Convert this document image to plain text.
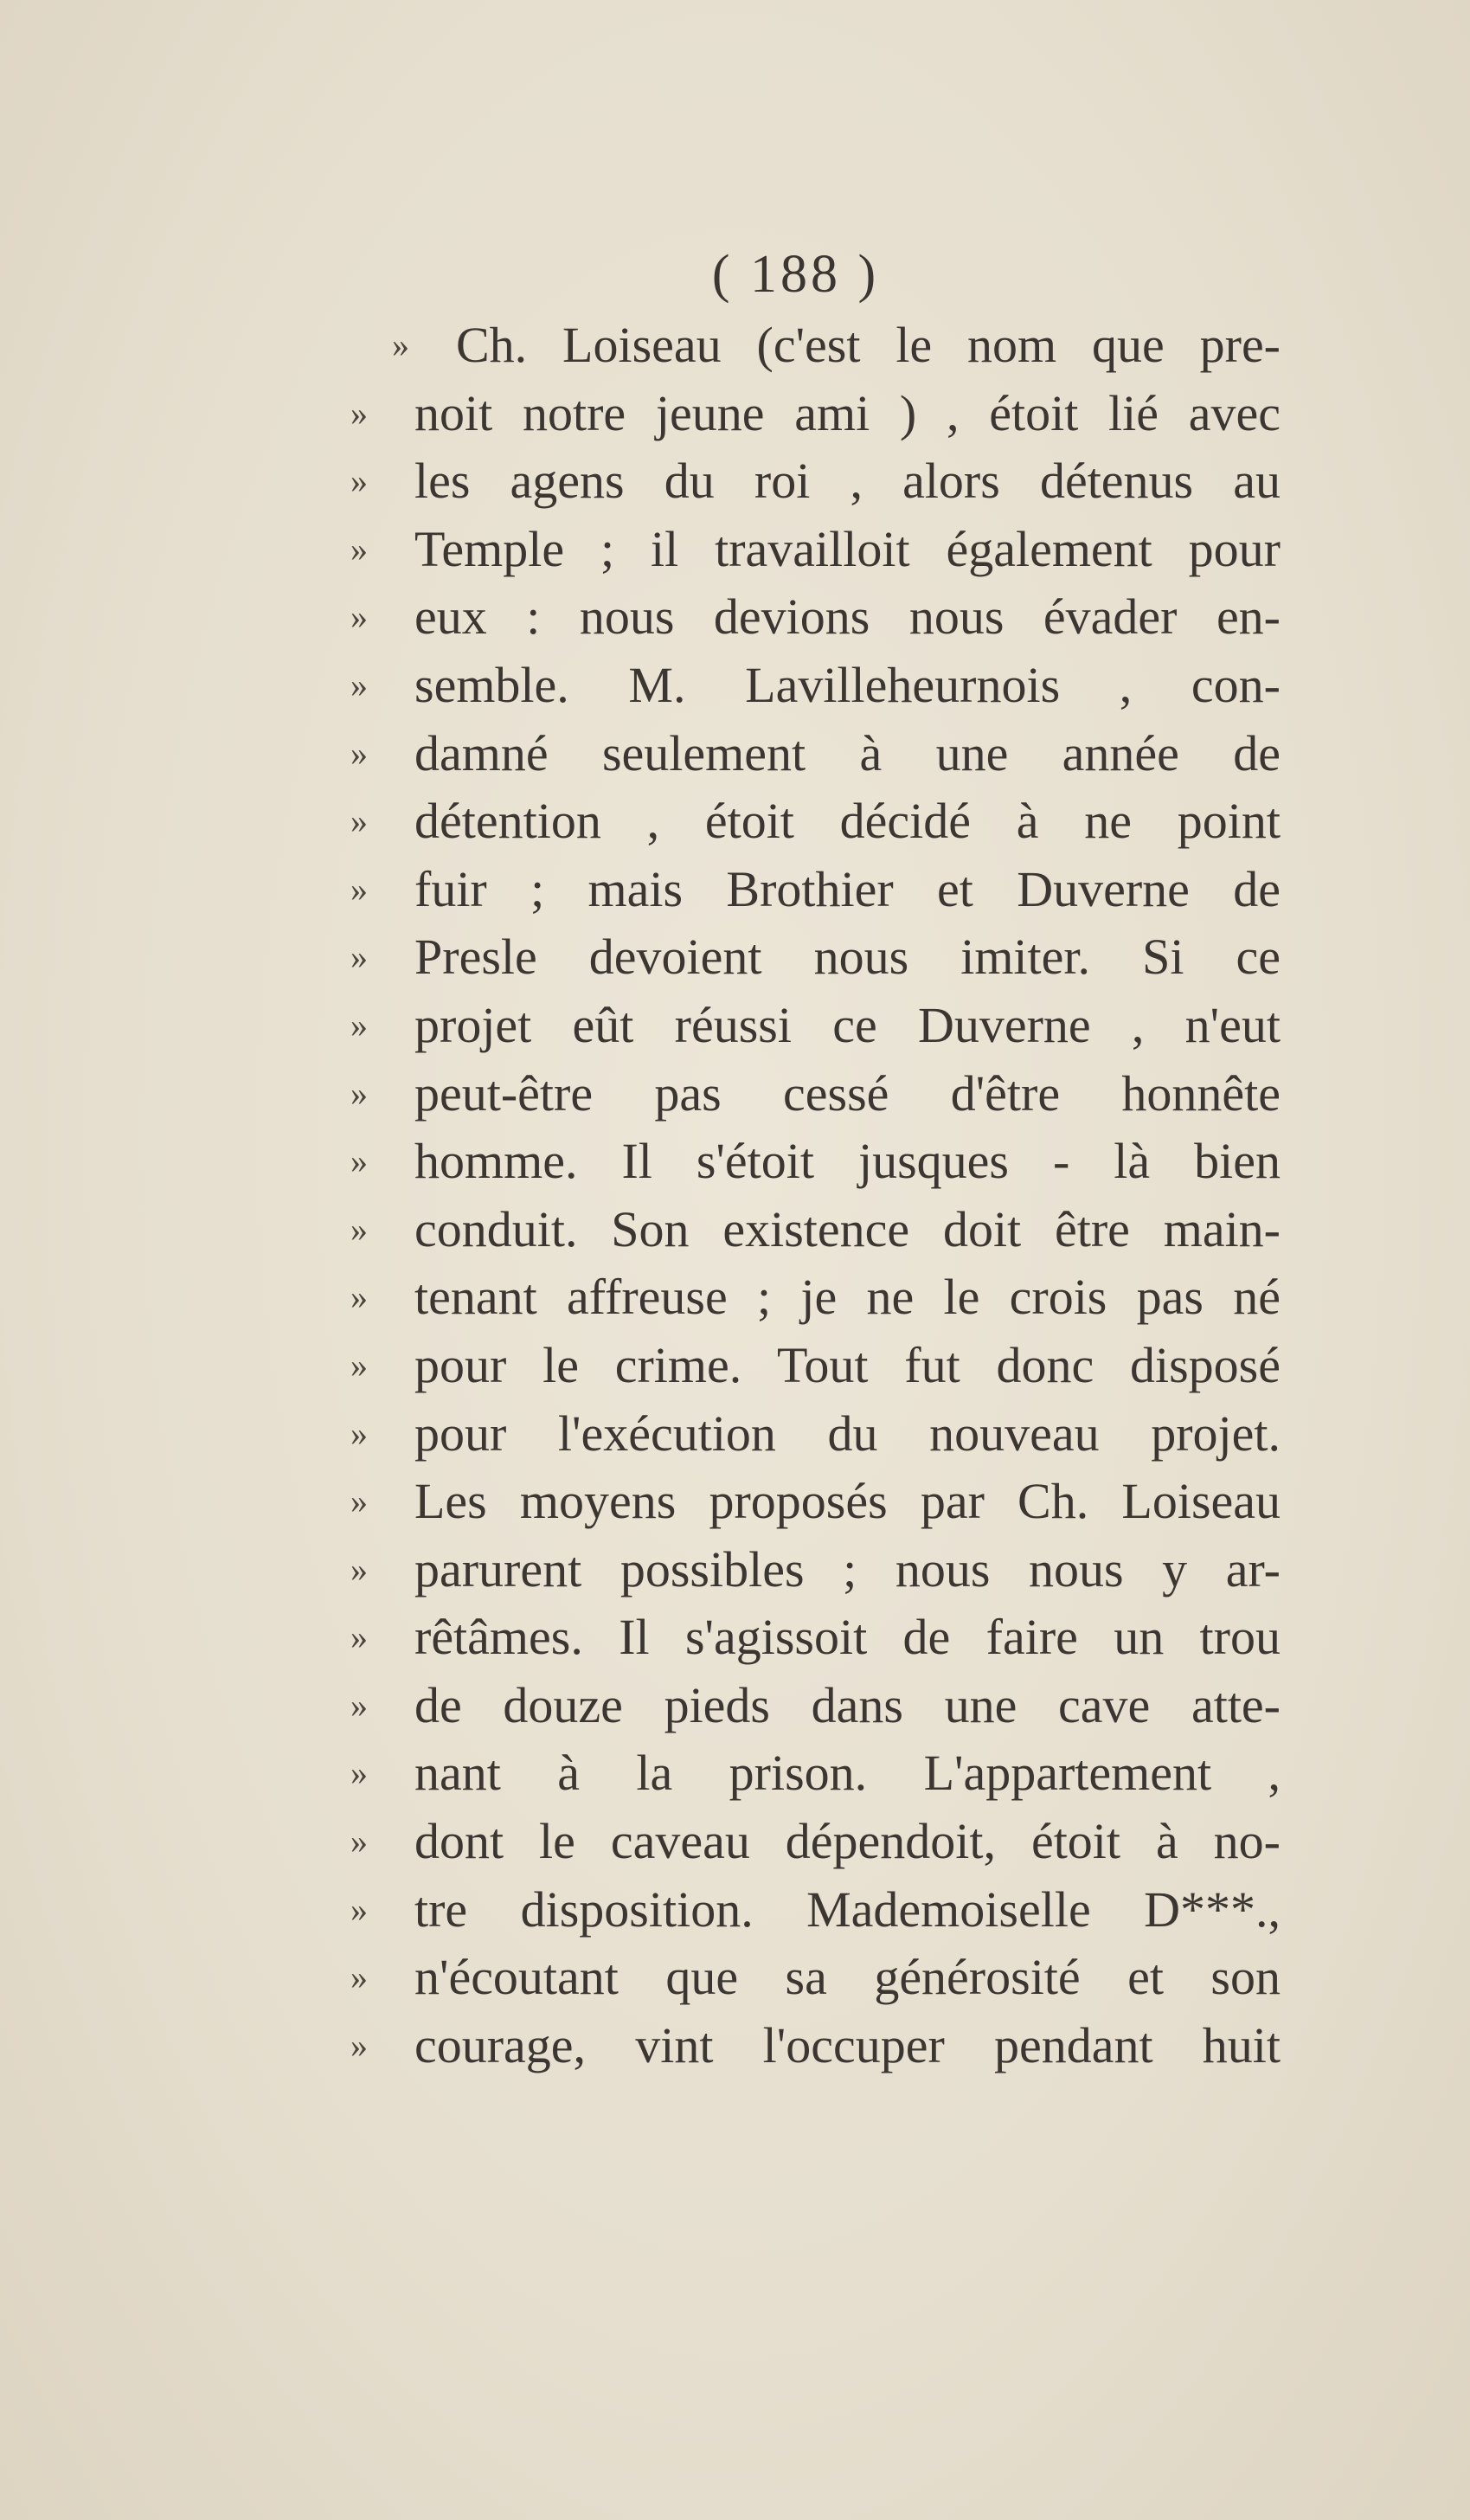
( 188 )
» Ch. Loiseau (c'est le nom que pre-
» noit notre jeune ami ) , étoit lié avec
» les agens du roi , alors détenus au
» Temple ; il travailloit également pour
» eux : nous devions nous évader en-
» semble. M. Lavilleheurnois , con-
» damné seulement à une année de
» détention , étoit décidé à ne point
» fuir ; mais Brothier et Duverne de
» Presle devoient nous imiter. Si ce
» projet eût réussi ce Duverne , n'eut
» peut-être pas cessé d'être honnête
» homme. Il s'étoit jusques - là bien
» conduit. Son existence doit être main-
» tenant affreuse ; je ne le crois pas né
» pour le crime. Tout fut donc disposé
» pour l'exécution du nouveau projet.
» Les moyens proposés par Ch. Loiseau
» parurent possibles ; nous nous y ar-
» rêtâmes. Il s'agissoit de faire un trou
» de douze pieds dans une cave atte-
» nant à la prison. L'appartement ,
» dont le caveau dépendoit, étoit à no-
» tre disposition. Mademoiselle D***.,
» n'écoutant que sa générosité et son
» courage, vint l'occuper pendant huit
